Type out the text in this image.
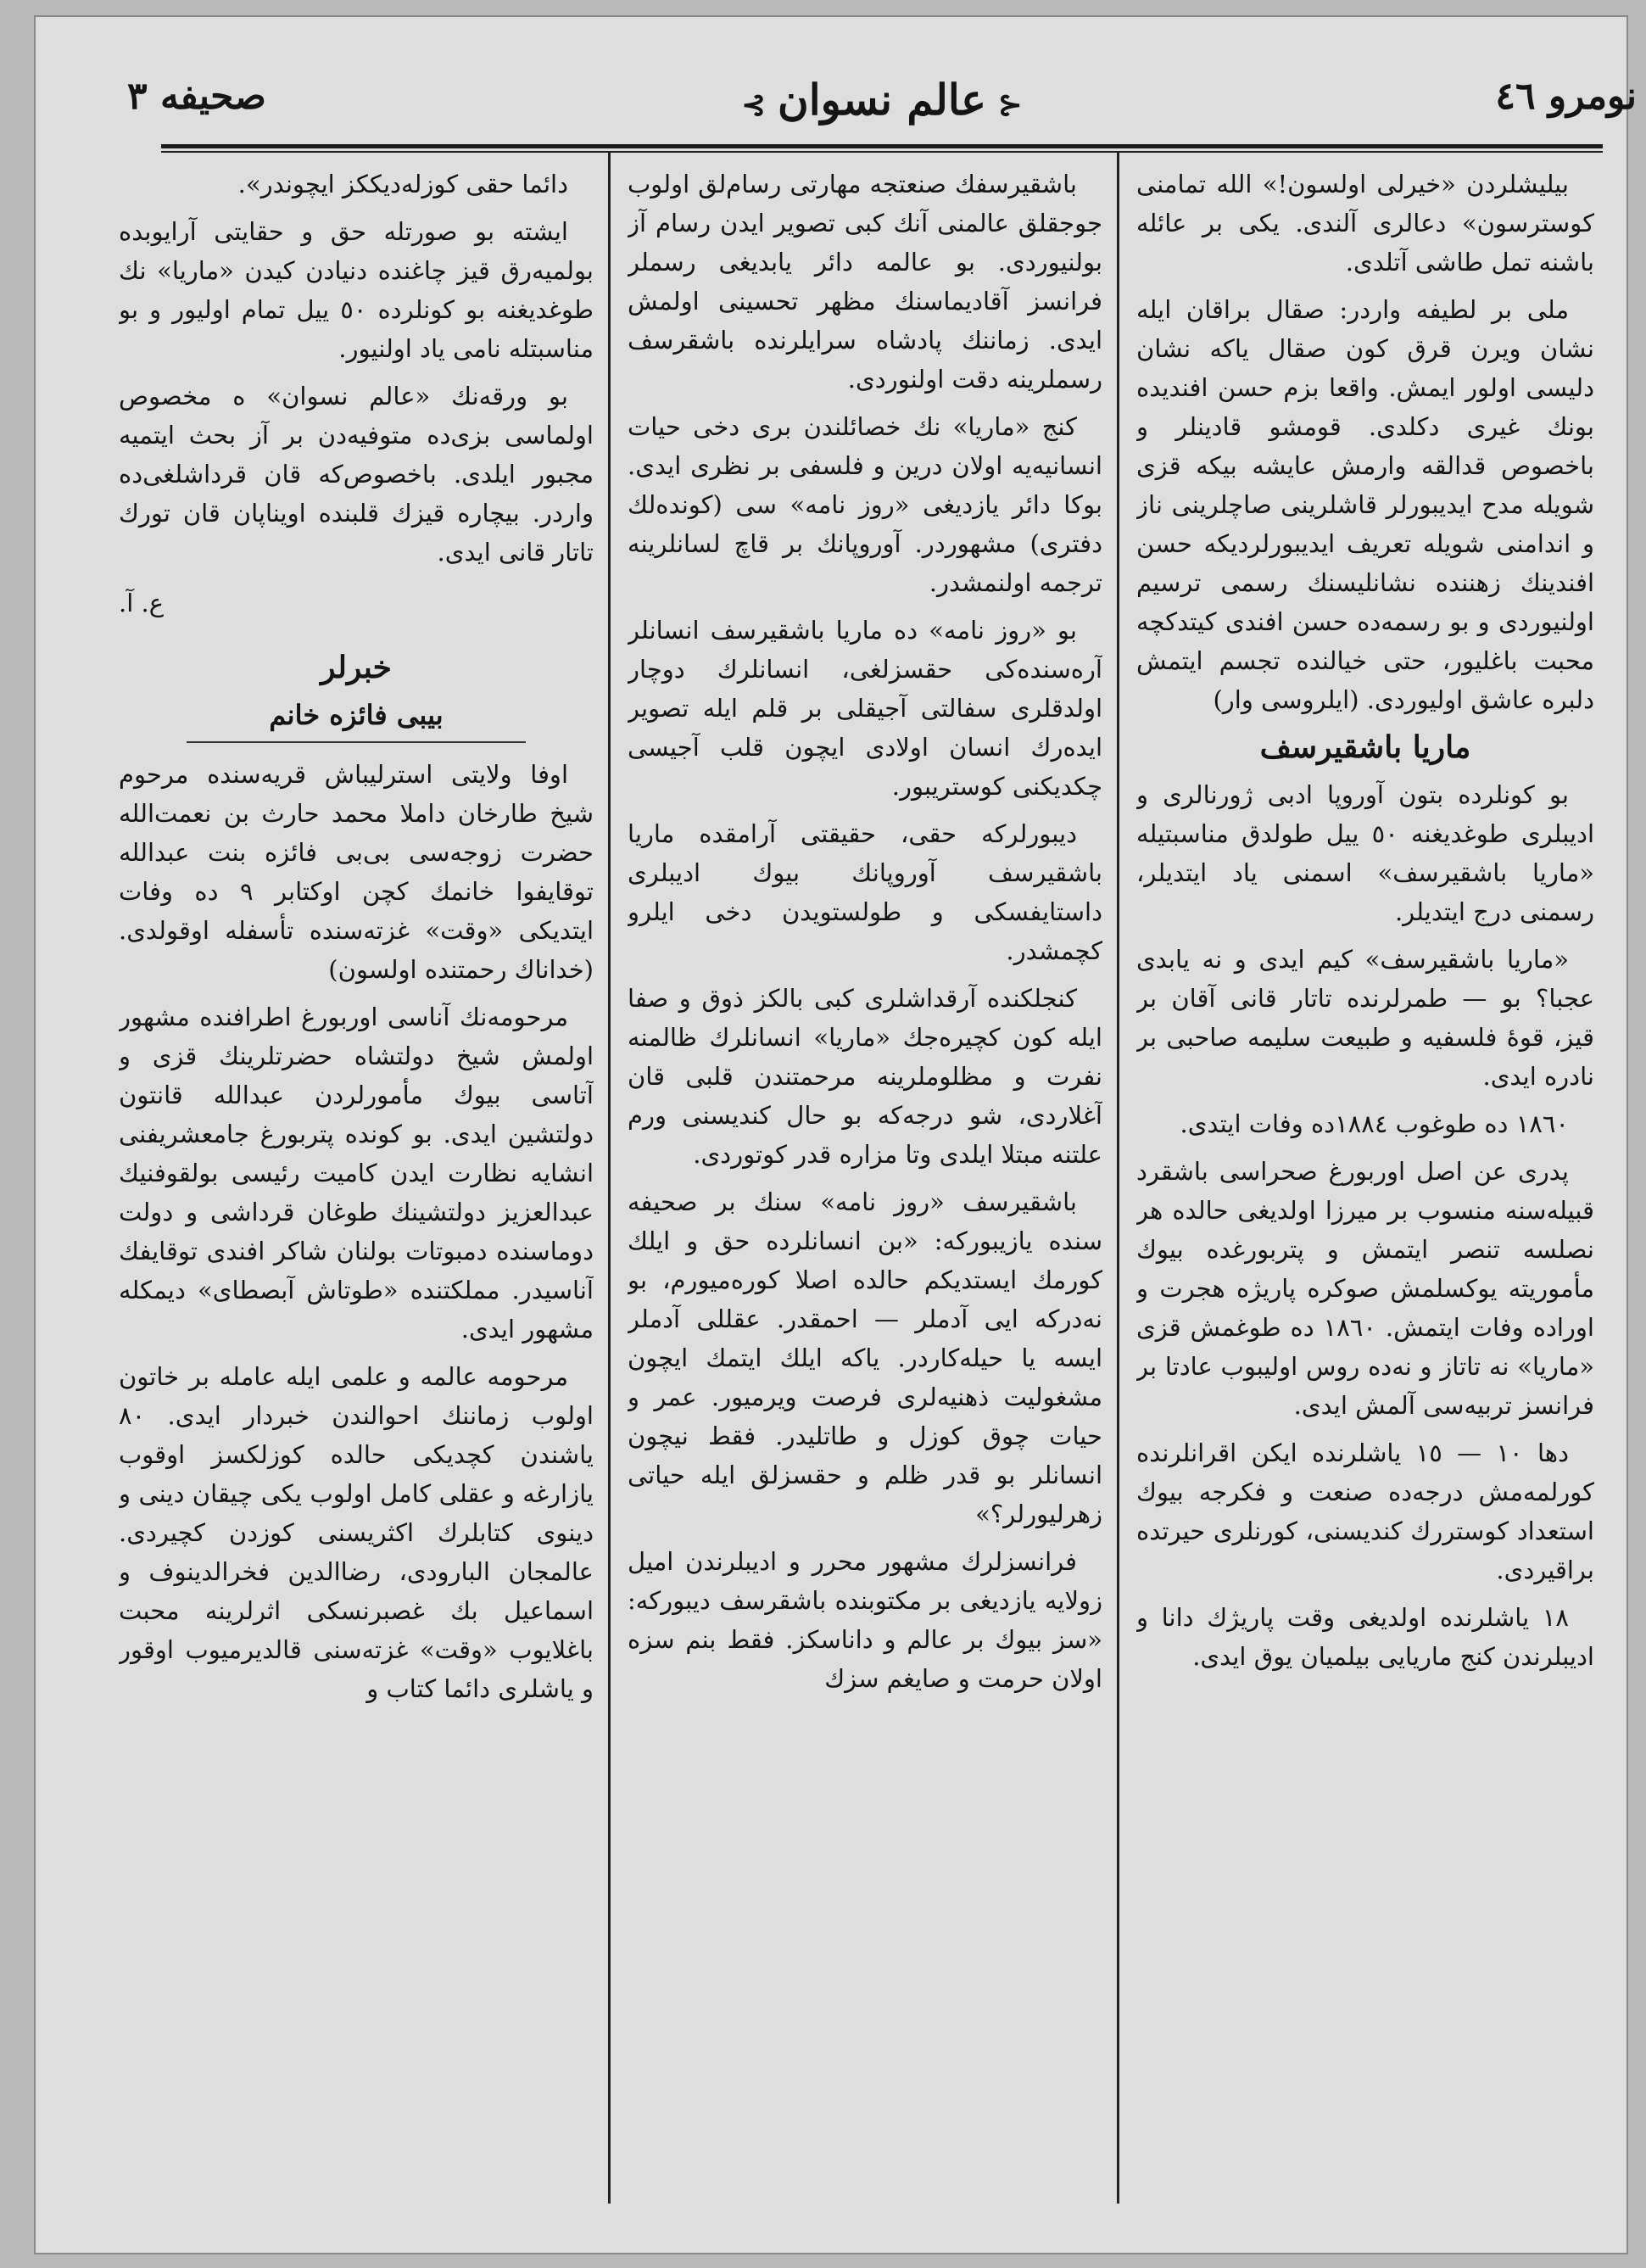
نومرو ٤٦
⊰عالم نسوان⊱
صحيفه ٣

بیلیشلردن «خیرلی اولسون!» الله تمامنی کوسترسون» دعالری آلندی. یکی بر عائله باشنه تمل طاشی آتلدی.

ملی بر لطیفه واردر: صقال براقان ایله نشان ویرن قرق کون صقال یاکه نشان دلیسی اولور ایمش. واقعا بزم حسن افندیده بونك غیری دکلدی. قومشو قادینلر و باخصوص قدالقه وارمش عایشه بیکه قزی شویله مدح ایدیبورلر قاشلرینی صاچلرینی ناز و اندامنی شویله تعریف ایدیبورلردیکه حسن افندینك زهننده نشانلیسنك رسمی ترسیم اولنیوردی و بو رسمه‌ده حسن افندی کیتدکچه محبت باغلیور، حتی خیالنده تجسم ایتمش دلبره عاشق اولیوردی. (ایلروسی وار)

ماریا باشقیرسف

بو کونلرده بتون آوروپا ادبی ژورنالری و ادیبلری طوغدیغنه ٥٠ ییل طولدق مناسبتیله «ماریا باشقیرسف» اسمنی یاد ایتدیلر، رسمنی درج ایتدیلر.

«ماریا باشقیرسف» کیم ایدی و نه یابدی عجبا؟ بو — طمرلرنده تاتار قانی آقان بر قیز، قوهٔ فلسفیه و طبیعت سلیمه صاحبی بر نادره ایدی.

١٨٦٠ ده طوغوب ١٨٨٤ده وفات ایتدی.

پدری عن اصل اوربورغ صحراسی باشقرد قبیله‌سنه منسوب بر میرزا اولدیغی حالده هر نصلسه تنصر ایتمش و پتربورغده بیوك مأموریته یوکسلمش صوکره پاریژه هجرت و اوراده وفات ایتمش. ١٨٦٠ ده طوغمش قزی «ماریا» نه تاتاز و نه‌ده روس اولیبوب عادتا بر فرانسز تربیه‌سی آلمش ایدی.

دها ١٠ — ١٥ یاشلرنده ایکن اقرانلرنده کورلمه‌مش درجه‌ده صنعت و فکرجه بیوك استعداد کوستررك کندیسنی، کورنلری حیرتده براقیردی.

١٨ یاشلرنده اولدیغی وقت پاریژك دانا و ادیبلرندن کنج ماریایی بیلمیان یوق ایدی.

باشقیرسفك صنعتجه مهارتی رسام‌لق اولوب جوجقلق عالمنی آنك کبی تصویر ایدن رسام آز بولنیوردی. بو عالمه دائر یابدیغی رسملر فرانسز آقادیماسنك مظهر تحسینی اولمش ایدی. زماننك پادشاه سرایلرنده باشقرسف رسملرینه دقت اولنوردی.

کنج «ماریا» نك خصائلندن بری دخی حیات انسانیه‌یه اولان درین و فلسفی بر نظری ایدی. بوکا دائر یازدیغی «روز نامه» سی (کونده‌لك دفتری) مشهوردر. آوروپانك بر قاچ لسانلرینه ترجمه اولنمشدر.

بو «روز نامه» ده ماریا باشقیرسف انسانلر آره‌سنده‌کی حقسزلغی، انسانلرك دوچار اولدقلری سفالتی آجیقلی بر قلم ایله تصویر ایده‌رك انسان اولادی ایچون قلب آجیسی چکدیکنی کوستریبور.

دیبورلرکه حقی، حقیقتی آرامقده ماریا باشقیرسف آوروپانك بیوك ادیبلری داستایفسکی و طولستویدن دخی ایلرو کچمشدر.

کنجلکنده آرقداشلری کبی بالکز ذوق و صفا ایله کون کچیره‌جك «ماریا» انسانلرك ظالمنه نفرت و مظلوملرینه مرحمتندن قلبی قان آغلاردی، شو درجه‌که بو حال کندیسنی ورم علتنه مبتلا ایلدی وتا مزاره قدر کوتوردی.

باشقیرسف «روز نامه» سنك بر صحیفه سنده یازیبورکه: «بن انسانلرده حق و ایلك کورمك ایستدیکم حالده اصلا کوره‌میورم، بو نه‌درکه ایی آدملر — احمقدر. عقللی آدملر ایسه یا حیله‌کاردر. یاکه ایلك ایتمك ایچون مشغولیت ذهنیه‌لری فرصت ویرمیور. عمر و حیات چوق کوزل و طاتلیدر. فقط نیچون انسانلر بو قدر ظلم و حقسزلق ایله حیاتی زهرلیورلر؟»

فرانسزلرك مشهور محرر و ادیبلرندن امیل زولایه یازدیغی بر مکتوبنده باشقرسف دیبورکه: «سز بیوك بر عالم و داناسکز. فقط بنم سزه اولان حرمت و صایغم سزك

دائما حقی کوزله‌دیککز ایچوندر».

ایشته بو صورتله حق و حقایتی آرایوبده بولمیه‌رق قیز چاغنده دنیادن کیدن «ماریا» نك طوغدیغنه بو کونلرده ٥٠ ییل تمام اولیور و بو مناسبتله نامی یاد اولنیور.

بو ورقه‌نك «عالم نسوان» ه مخصوص اولماسی بزی‌ده متوفیه‌دن بر آز بحث ایتمیه مجبور ایلدی. باخصوص‌که قان قرداشلغی‌ده واردر. بیچاره قیزك قلبنده اویناپان قان تورك تاتار قانی ایدی.

ع. آ.

خبرلر
بیبی فائزه خانم

اوفا ولایتی استرلیباش قریه‌سنده مرحوم شیخ طارخان داملا محمد حارث بن نعمت‌الله حضرت زوجه‌سی بی‌بی فائزه بنت عبدالله توقایفوا خانمك کچن اوکتابر ٩ ده وفات ایتدیکی «وقت» غزته‌سنده تأسفله اوقولدی. (خداناك رحمتنده اولسون)

مرحومه‌نك آناسی اوربورغ اطرافنده مشهور اولمش شیخ دولتشاه حضرتلرینك قزی و آتاسی بیوك مأمورلردن عبدالله قانتون دولتشین ایدی. بو کونده پتربورغ جامعشریفنی انشایه نظارت ایدن کامیت رئیسی بولقوفنیك عبدالعزیز دولتشینك طوغان قرداشی و دولت دوماسنده دمبوتات بولنان شاکر افندی توقایفك آناسیدر. مملکتنده «طوتاش آبصطای» دیمکله مشهور ایدی.

مرحومه عالمه و علمی ایله عامله بر خاتون اولوب زماننك احوالندن خبردار ایدی. ٨٠ یاشندن کچدیکی حالده کوزلکسز اوقوب یازارغه و عقلی کامل اولوب یکی چیقان دینی و دینوی کتابلرك اکثریسنی کوزدن کچیردی. عالمجان البارودی، رضاالدین فخرالدینوف و اسماعیل بك غصبرنسکی اثرلرینه محبت باغلایوب «وقت» غزته‌سنی قالدیرمیوب اوقور و یاشلری دائما کتاب و
